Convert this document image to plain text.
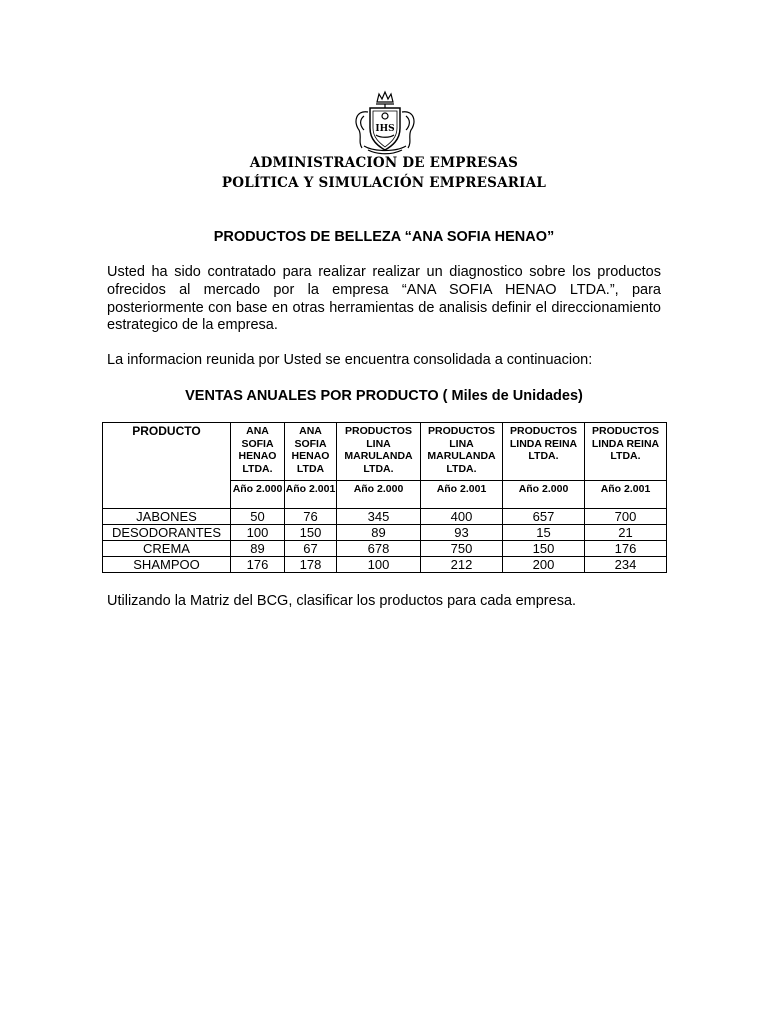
IHS
ADMINISTRACION DE EMPRESAS
POLÍTICA Y SIMULACIÓN EMPRESARIAL
PRODUCTOS DE BELLEZA “ANA SOFIA HENAO”
Usted ha sido contratado para realizar realizar un diagnostico sobre los productos ofrecidos al mercado por la empresa “ANA SOFIA HENAO LTDA.”, para posteriormente con base en otras herramientas de analisis definir el direccionamiento estrategico de la empresa.
La informacion reunida por Usted se encuentra consolidada a continuacion:
VENTAS ANUALES POR PRODUCTO ( Miles de Unidades)
PRODUCTO	ANA SOFIA HENAO LTDA.	ANA SOFIA HENAO LTDA	PRODUCTOS LINA MARULANDA LTDA.	PRODUCTOS LINA MARULANDA LTDA.	PRODUCTOS LINDA REINA LTDA.	PRODUCTOS LINDA REINA LTDA.
	Año 2.000	Año 2.001	Año 2.000	Año 2.001	Año 2.000	Año 2.001
JABONES	50	76	345	400	657	700
DESODORANTES	100	150	89	93	15	21
CREMA	89	67	678	750	150	176
SHAMPOO	176	178	100	212	200	234
Utilizando la Matriz del BCG, clasificar los productos para cada empresa.
